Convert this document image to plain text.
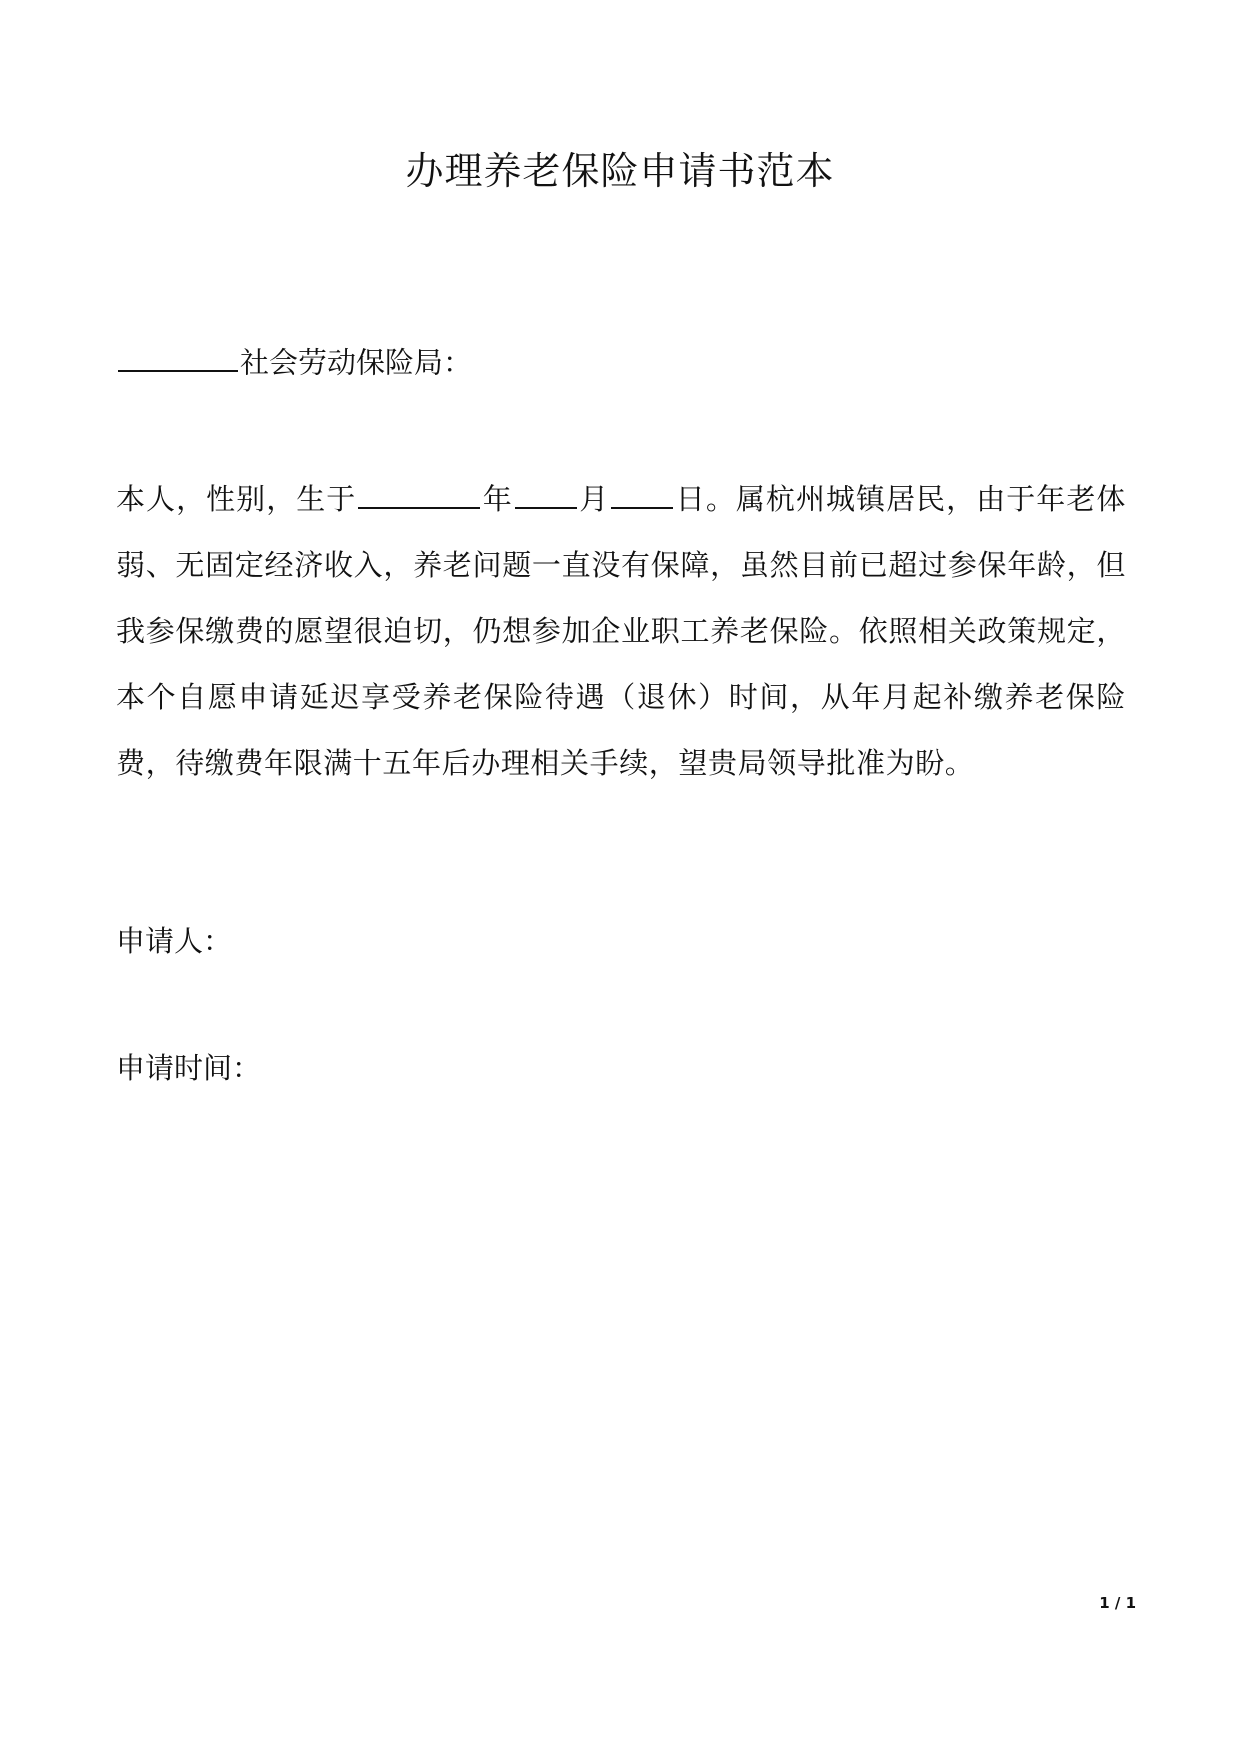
办理养老保险申请书范本
社会劳动保险局：

本人，性别，生于	年 月 日。属杭州城镇居民，由于年老体弱、无固定经济收入，养老问题一直没有保障，虽然目前已超过参保年龄，但我参保缴费的愿望很迫切，仍想参加企业职工养老保险。依照相关政策规定，本个自愿申请延迟享受养老保险待遇（退休）时间，从年月起补缴养老保险费，待缴费年限满十五年后办理相关手续，望贵局领导批准为盼。

申请人：

申请时间：

1 / 1
